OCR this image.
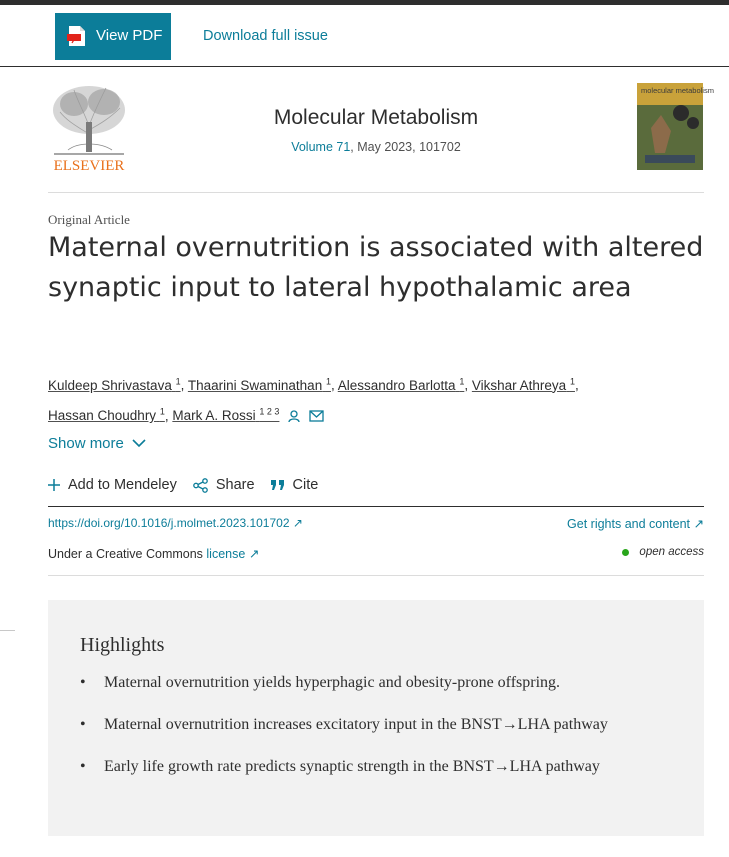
View PDF	Download full issue
ELSEVIER
Molecular Metabolism
Volume 71, May 2023, 101702
molecular metabolism
Original Article
Maternal overnutrition is associated with altered synaptic input to lateral hypothalamic area
Kuldeep Shrivastava $^1$, Thaarini Swaminathan $^1$, Alessandro Barlotta $^1$, Vikshar Athreya $^1$,
Hassan Choudhry $^1$, Mark A. Rossi $^{1 2 3}$
Show more
Add to Mendeley	Share	Cite
https://doi.org/10.1016/j.molmet.2023.101702 ↗	Get rights and content ↗
Under a Creative Commons license ↗	open access
Highlights
• Maternal overnutrition yields hyperphagic and obesity-prone offspring.
• Maternal overnutrition increases excitatory input in the BNST→LHA pathway
• Early life growth rate predicts synaptic strength in the BNST→LHA pathway
